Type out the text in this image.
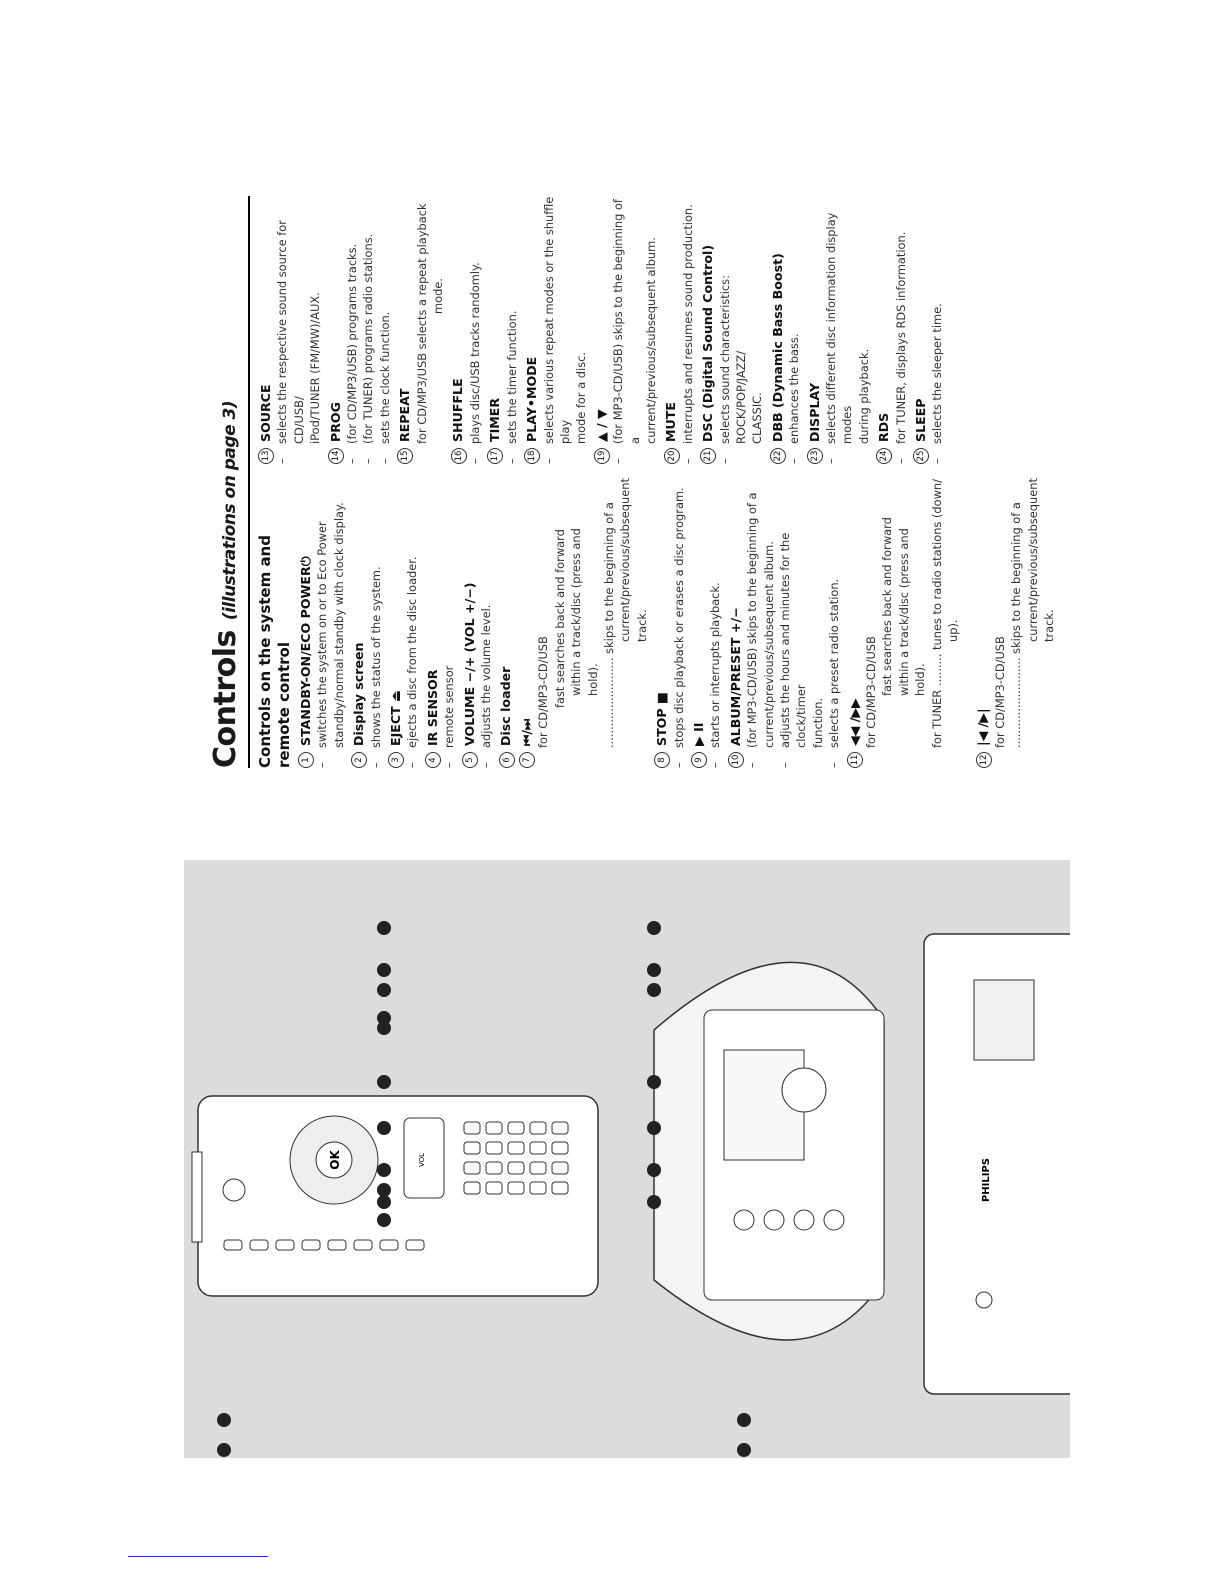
Controls (illustrations on page 3)
Controls on the system and remote control 1
STANDBY-ON/ECO POWER⏻
–
switches the system on or to Eco Power standby/normal standby with clock display.
2
Display screen
–
shows the status of the system.
3
EJECT ⏏
–
ejects a disc from the disc loader.
4
IR SENSOR
–
remote sensor
5
VOLUME −/+ (VOL +/−)
–
adjusts the volume level.
6
Disc loader
7
⏮/⏭ for CD/MP3-CD/USB fast searches back and forward within a track/disc (press and hold). ......................... skips to the beginning of a current/previous/subsequent track.
8
STOP ■
–
stops disc playback or erases a disc program.
9
▶ II
–
starts or interrupts playback.
10
ALBUM/PRESET +/−
–
(for MP3-CD/USB) skips to the beginning of a current/previous/subsequent album.
–
adjusts the hours and minutes for the clock/timer function.
–
selects a preset radio station.
11
◀◀ /▶▶ for CD/MP3-CD/USB fast searches back and forward within a track/disc (press and hold). for TUNER ......... tunes to radio stations (down/ up).
12
|◀ /▶| for CD/MP3-CD/USB ......................... skips to the beginning of a current/previous/subsequent track.
13
SOURCE
–
selects the respective sound source for CD/USB/ iPod/TUNER (FM/MW)/AUX.
14
PROG
–
(for CD/MP3/USB) programs tracks.
–
(for TUNER) programs radio stations.
–
sets the clock function.
15
REPEAT for CD/MP3/USB selects a repeat playback mode.
16
SHUFFLE
–
plays disc/USB tracks randomly.
17
TIMER
–
sets the timer function.
18
PLAY•MODE
–
selects various repeat modes or the shuffle play mode for a disc.
19
▲ / ▼
–
(for MP3-CD/USB) skips to the beginning of a current/previous/subsequent album.
20
MUTE
–
interrupts and resumes sound production.
21
DSC (Digital Sound Control)
–
selects sound characteristics: ROCK/POP/JAZZ/ CLASSIC.
22
DBB (Dynamic Bass Boost)
–
enhances the bass.
23
DISPLAY
–
selects different disc information display modes during playback.
24
RDS
–
for TUNER, displays RDS information.
25
SLEEP
–
selects the sleeper time.
OK	VOL	PHILIPS
